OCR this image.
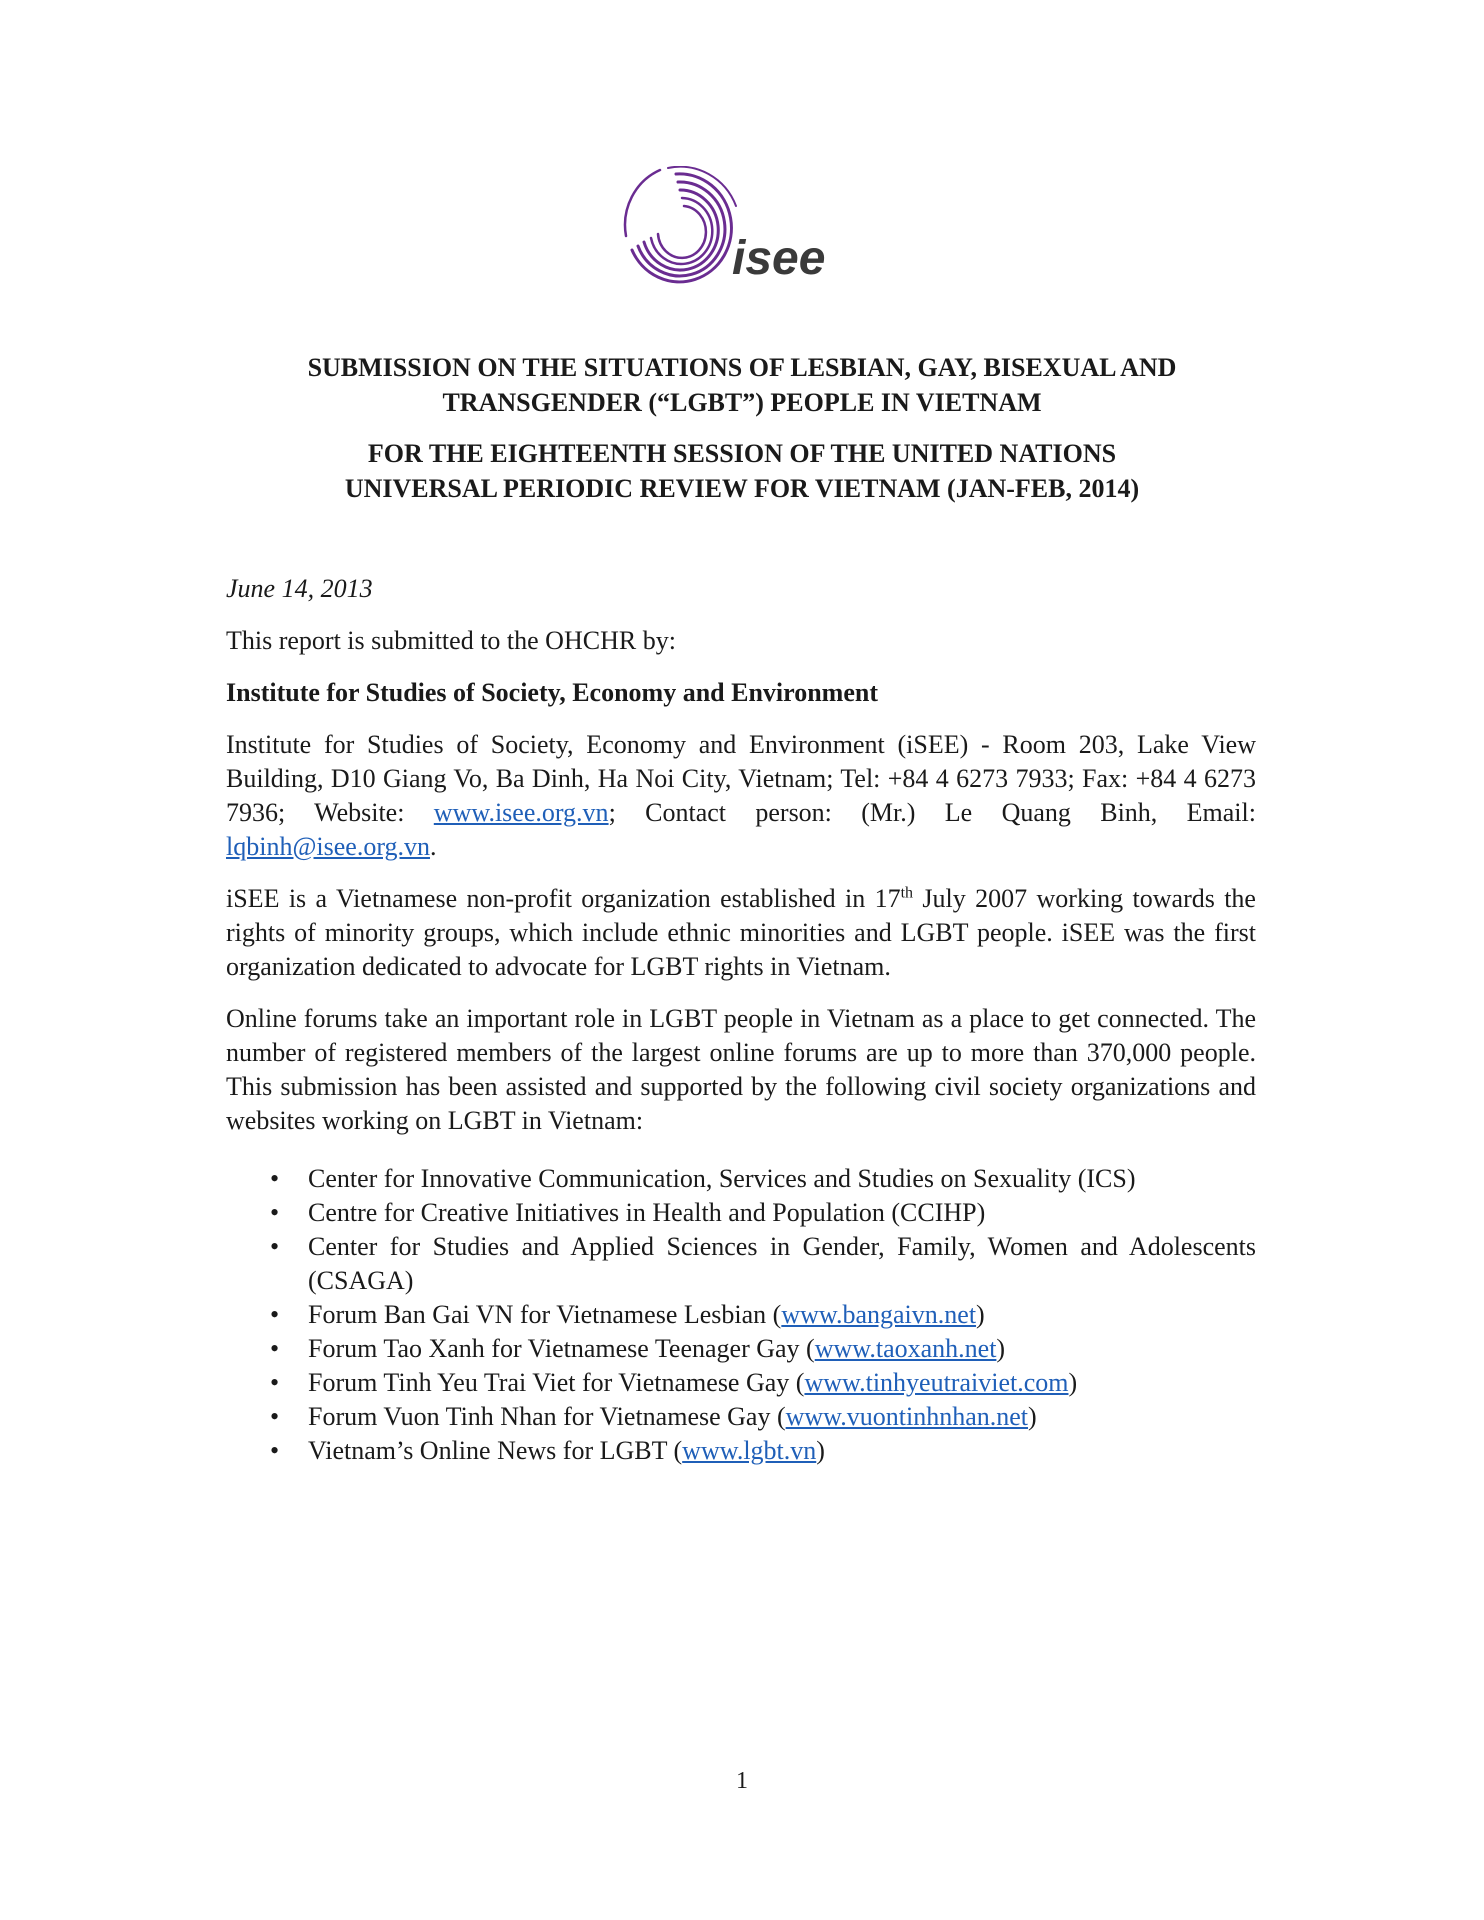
isee
SUBMISSION ON THE SITUATIONS OF LESBIAN, GAY, BISEXUAL AND
TRANSGENDER (“LGBT”) PEOPLE IN VIETNAM
FOR THE EIGHTEENTH SESSION OF THE UNITED NATIONS
UNIVERSAL PERIODIC REVIEW FOR VIETNAM (JAN-FEB, 2014)

June 14, 2013

This report is submitted to the OHCHR by:

Institute for Studies of Society, Economy and Environment

Institute for Studies of Society, Economy and Environment (iSEE) - Room 203, Lake View Building, D10 Giang Vo, Ba Dinh, Ha Noi City, Vietnam; Tel: +84 4 6273 7933; Fax: +84 4 6273 7936; Website: www.isee.org.vn; Contact person: (Mr.) Le Quang Binh, Email: lqbinh@isee.org.vn.

iSEE is a Vietnamese non-profit organization established in 17th July 2007 working towards the rights of minority groups, which include ethnic minorities and LGBT people. iSEE was the first organization dedicated to advocate for LGBT rights in Vietnam.

Online forums take an important role in LGBT people in Vietnam as a place to get connected. The number of registered members of the largest online forums are up to more than 370,000 people. This submission has been assisted and supported by the following civil society organizations and websites working on LGBT in Vietnam:

• Center for Innovative Communication, Services and Studies on Sexuality (ICS)
• Centre for Creative Initiatives in Health and Population (CCIHP)
• Center for Studies and Applied Sciences in Gender, Family, Women and Adolescents (CSAGA)
• Forum Ban Gai VN for Vietnamese Lesbian (www.bangaivn.net)
• Forum Tao Xanh for Vietnamese Teenager Gay (www.taoxanh.net)
• Forum Tinh Yeu Trai Viet for Vietnamese Gay (www.tinhyeutraiviet.com)
• Forum Vuon Tinh Nhan for Vietnamese Gay (www.vuontinhnhan.net)
• Vietnam’s Online News for LGBT (www.lgbt.vn)
1
